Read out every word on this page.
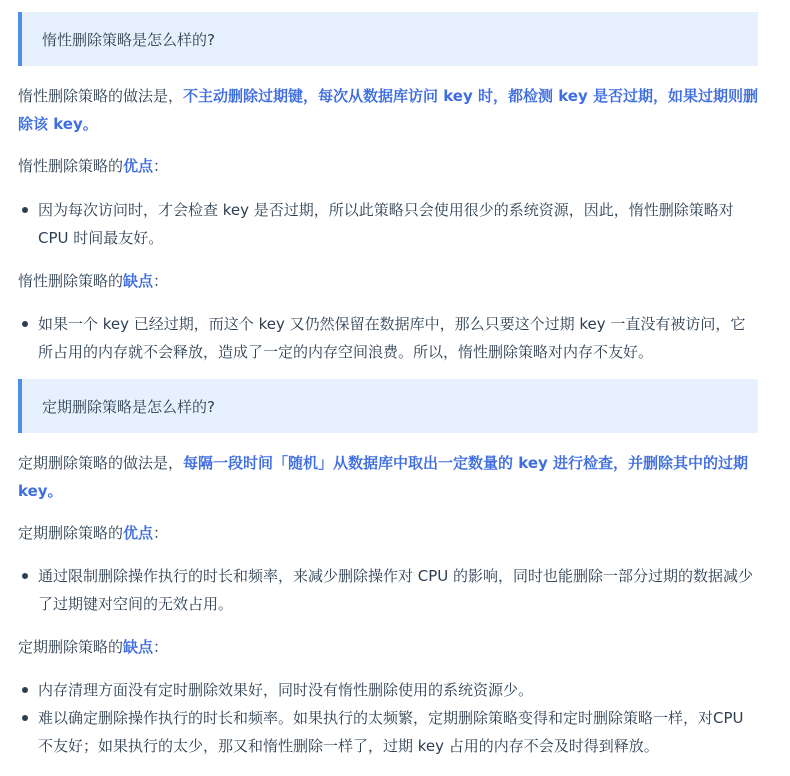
惰性删除策略是怎么样的?

惰性删除策略的做法是，不主动删除过期键，每次从数据库访问 key 时，都检测 key 是否过期，如果过期则删除该 key。

惰性删除策略的优点：

因为每次访问时，才会检查 key 是否过期，所以此策略只会使用很少的系统资源，因此，惰性删除策略对 CPU 时间最友好。

惰性删除策略的缺点：

如果一个 key 已经过期，而这个 key 又仍然保留在数据库中，那么只要这个过期 key 一直没有被访问，它所占用的内存就不会释放，造成了一定的内存空间浪费。所以，惰性删除策略对内存不友好。
定期删除策略是怎么样的?

定期删除策略的做法是，每隔一段时间「随机」从数据库中取出一定数量的 key 进行检查，并删除其中的过期key。

定期删除策略的优点：

通过限制删除操作执行的时长和频率，来减少删除操作对 CPU 的影响，同时也能删除一部分过期的数据减少了过期键对空间的无效占用。

定期删除策略的缺点：

内存清理方面没有定时删除效果好，同时没有惰性删除使用的系统资源少。
难以确定删除操作执行的时长和频率。如果执行的太频繁，定期删除策略变得和定时删除策略一样，对CPU不友好；如果执行的太少，那又和惰性删除一样了，过期 key 占用的内存不会及时得到释放。
